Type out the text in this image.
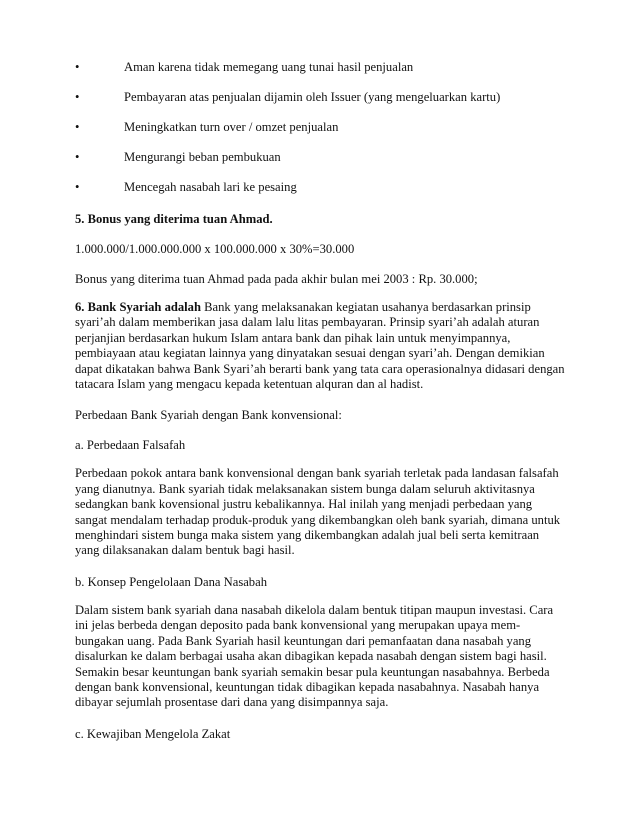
•	Aman karena tidak memegang uang tunai hasil penjualan
•	Pembayaran atas penjualan dijamin oleh Issuer (yang mengeluarkan kartu)
•	Meningkatkan turn over / omzet penjualan
•	Mengurangi beban pembukuan
•	Mencegah nasabah lari ke pesaing
5. Bonus yang diterima tuan Ahmad.
1.000.000/1.000.000.000 x 100.000.000 x 30%=30.000
Bonus yang diterima tuan Ahmad pada pada akhir bulan mei 2003 : Rp. 30.000;
6. Bank Syariah adalah Bank yang melaksanakan kegiatan usahanya berdasarkan prinsip
syari’ah dalam memberikan jasa dalam lalu litas pembayaran. Prinsip syari’ah adalah aturan
perjanjian berdasarkan hukum Islam antara bank dan pihak lain untuk menyimpannya,
pembiayaan atau kegiatan lainnya yang dinyatakan sesuai dengan syari’ah. Dengan demikian
dapat dikatakan bahwa Bank Syari’ah berarti bank yang tata cara operasionalnya didasari dengan
tatacara Islam yang mengacu kepada ketentuan alquran dan al hadist.
Perbedaan Bank Syariah dengan Bank konvensional:
a. Perbedaan Falsafah
Perbedaan pokok antara bank konvensional dengan bank syariah terletak pada landasan falsafah
yang dianutnya. Bank syariah tidak melaksanakan sistem bunga dalam seluruh aktivitasnya
sedangkan bank kovensional justru kebalikannya. Hal inilah yang menjadi perbedaan yang
sangat mendalam terhadap produk-produk yang dikembangkan oleh bank syariah, dimana untuk
menghindari sistem bunga maka sistem yang dikembangkan adalah jual beli serta kemitraan
yang dilaksanakan dalam bentuk bagi hasil.
b. Konsep Pengelolaan Dana Nasabah
Dalam sistem bank syariah dana nasabah dikelola dalam bentuk titipan maupun investasi. Cara
ini jelas berbeda dengan deposito pada bank konvensional yang merupakan upaya mem-
bungakan uang. Pada Bank Syariah hasil keuntungan dari pemanfaatan dana nasabah yang
disalurkan ke dalam berbagai usaha akan dibagikan kepada nasabah dengan sistem bagi hasil.
Semakin besar keuntungan bank syariah semakin besar pula keuntungan nasabahnya. Berbeda
dengan bank konvensional, keuntungan tidak dibagikan kepada nasabahnya. Nasabah hanya
dibayar sejumlah prosentase dari dana yang disimpannya saja.
c. Kewajiban Mengelola Zakat
